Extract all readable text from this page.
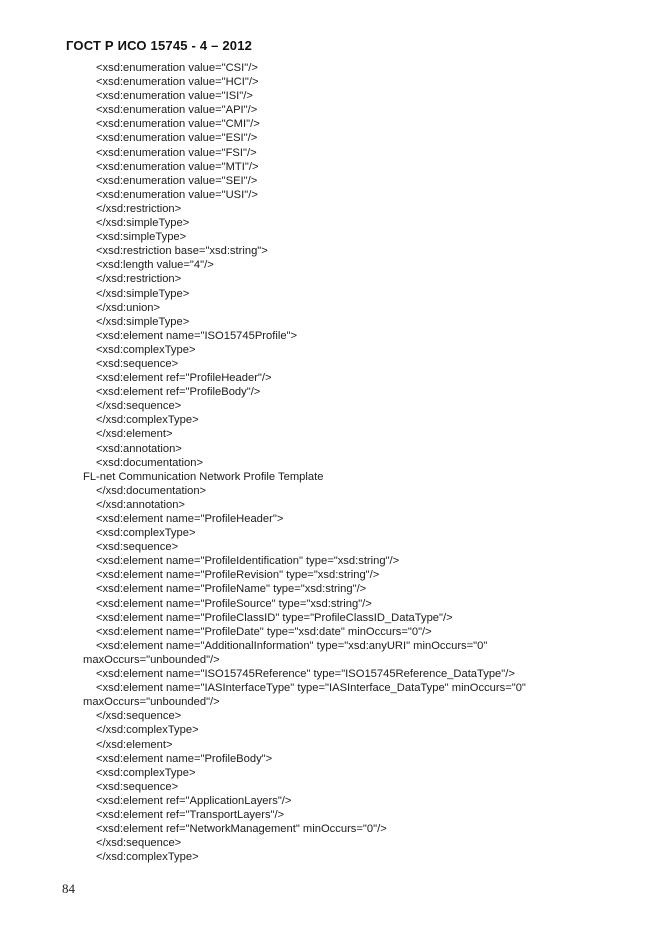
ГОСТ Р ИСО 15745 - 4 – 2012
<xsd:enumeration value="CSI"/>
<xsd:enumeration value="HCI"/>
<xsd:enumeration value="ISI"/>
<xsd:enumeration value="API"/>
<xsd:enumeration value="CMI"/>
<xsd:enumeration value="ESI"/>
<xsd:enumeration value="FSI"/>
<xsd:enumeration value="MTI"/>
<xsd:enumeration value="SEI"/>
<xsd:enumeration value="USI"/>
</xsd:restriction>
</xsd:simpleType>
<xsd:simpleType>
<xsd:restriction base="xsd:string">
<xsd:length value="4"/>
</xsd:restriction>
</xsd:simpleType>
</xsd:union>
</xsd:simpleType>
<xsd:element name="ISO15745Profile">
<xsd:complexType>
<xsd:sequence>
<xsd:element ref="ProfileHeader"/>
<xsd:element ref="ProfileBody"/>
</xsd:sequence>
</xsd:complexType>
</xsd:element>
<xsd:annotation>
<xsd:documentation>
FL-net Communication Network Profile Template
</xsd:documentation>
</xsd:annotation>
<xsd:element name="ProfileHeader">
<xsd:complexType>
<xsd:sequence>
<xsd:element name="ProfileIdentification" type="xsd:string"/>
<xsd:element name="ProfileRevision" type="xsd:string"/>
<xsd:element name="ProfileName" type="xsd:string"/>
<xsd:element name="ProfileSource" type="xsd:string"/>
<xsd:element name="ProfileClassID" type="ProfileClassID_DataType"/>
<xsd:element name="ProfileDate" type="xsd:date" minOccurs="0"/>
<xsd:element name="AdditionalInformation" type="xsd:anyURI" minOccurs="0"
maxOccurs="unbounded"/>
<xsd:element name="ISO15745Reference" type="ISO15745Reference_DataType"/>
<xsd:element name="IASInterfaceType" type="IASInterface_DataType" minOccurs="0"
maxOccurs="unbounded"/>
</xsd:sequence>
</xsd:complexType>
</xsd:element>
<xsd:element name="ProfileBody">
<xsd:complexType>
<xsd:sequence>
<xsd:element ref="ApplicationLayers"/>
<xsd:element ref="TransportLayers"/>
<xsd:element ref="NetworkManagement" minOccurs="0"/>
</xsd:sequence>
</xsd:complexType>
84
